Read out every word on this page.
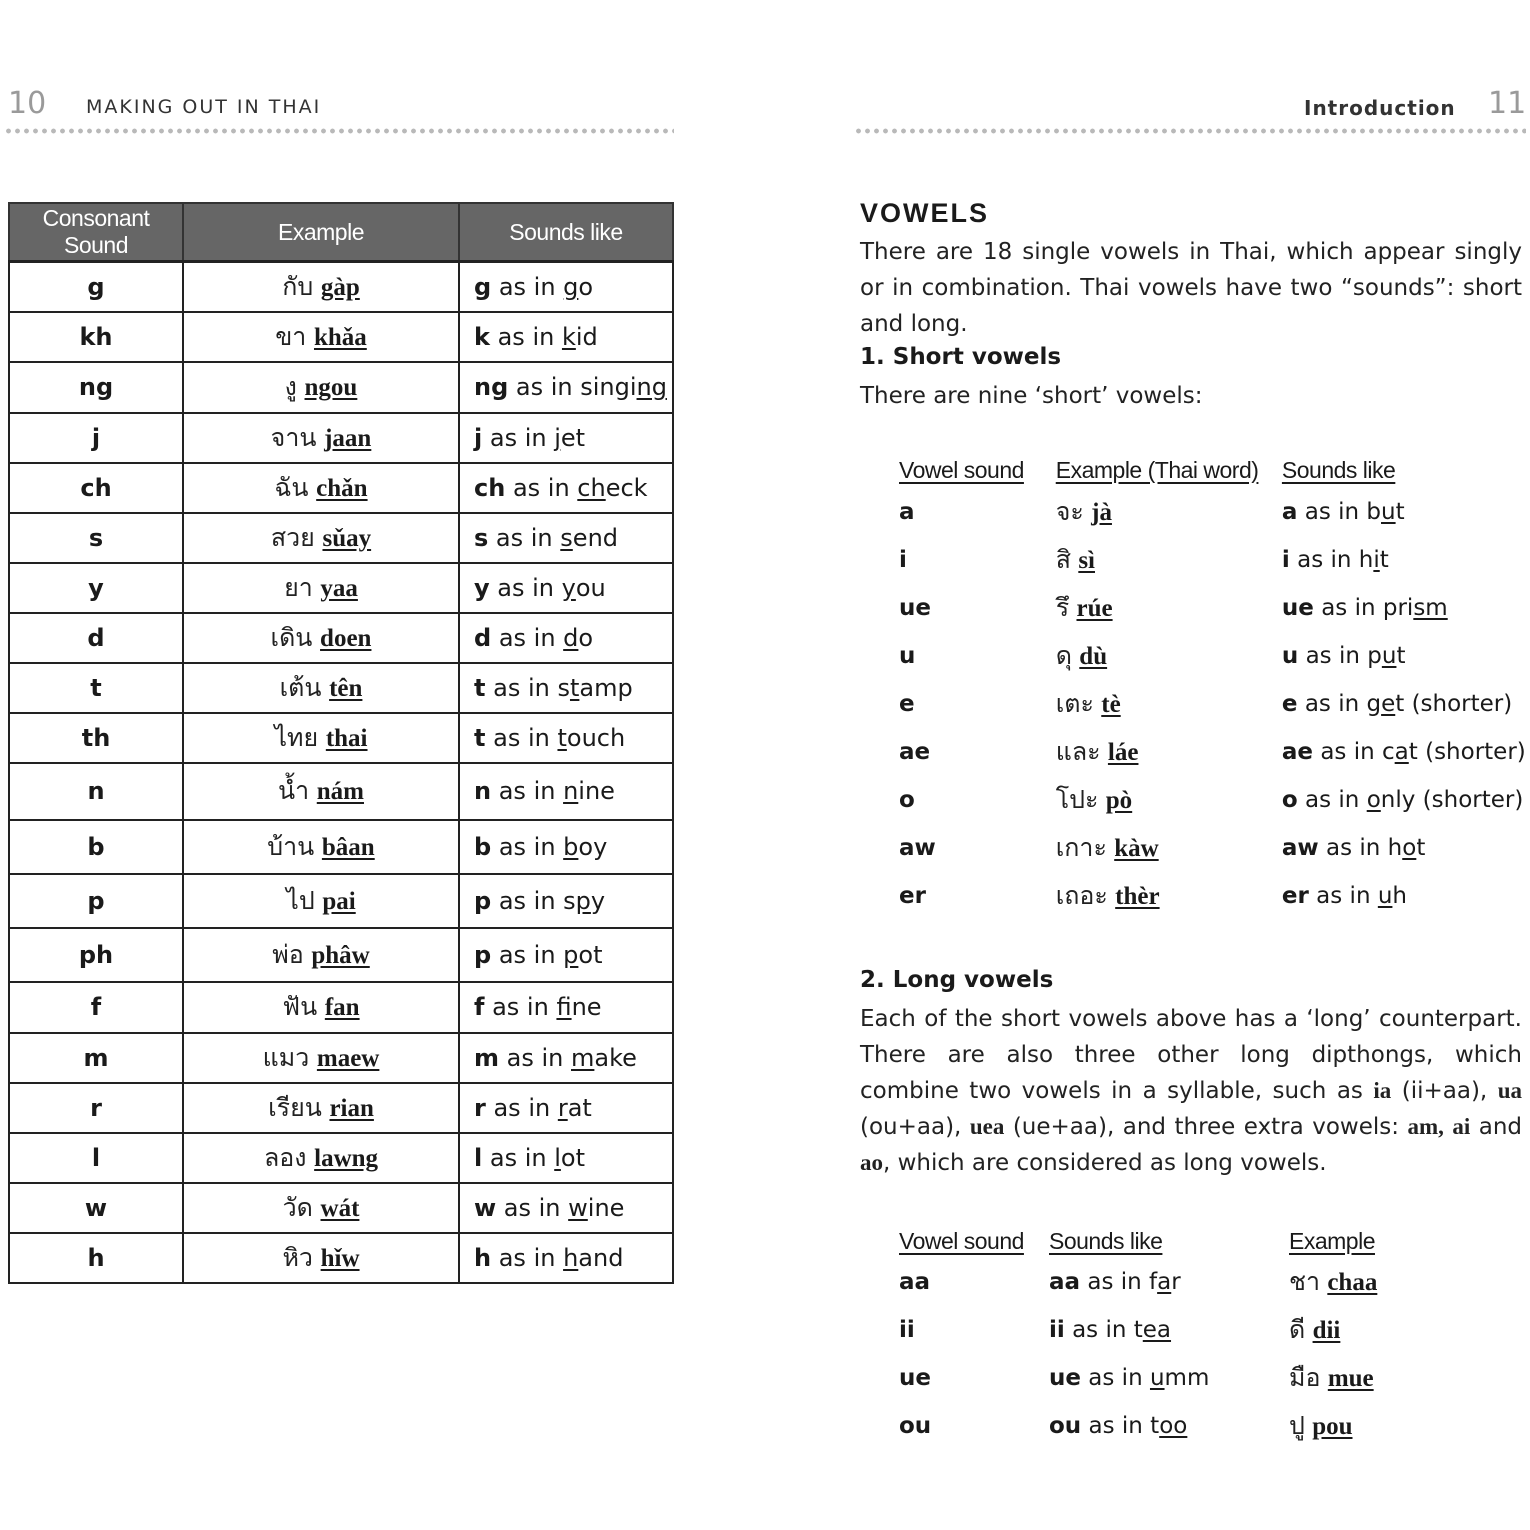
10 MAKING OUT IN THAI	Introduction 11
Consonant Sound	Example	Sounds like
g	กับ gàp	g as in go
kh	ขา khǎa	k as in kid
ng	งู ngou	ng as in singing
j	จาน jaan	j as in jet
ch	ฉัน chǎn	ch as in check
s	สวย sǔay	s as in send
y	ยา yaa	y as in you
d	เดิน doen	d as in do
t	เต้น tên	t as in stamp
th	ไทย thai	t as in touch
n	น้ำ nám	n as in nine
b	บ้าน bâan	b as in boy
p	ไป pai	p as in spy
ph	พ่อ phâw	p as in pot
f	ฟัน fan	f as in fine
m	แมว maew	m as in make
r	เรียน rian	r as in rat
l	ลอง lawng	l as in lot
w	วัด wát	w as in wine
h	หิว hǐw	h as in hand
VOWELS
There are 18 single vowels in Thai, which appear singly or in combination. Thai vowels have two “sounds”: short and long.
1. Short vowels
There are nine ‘short’ vowels:
Vowel sound	Example (Thai word)	Sounds like
a	จะ jà	a as in but
i	สิ sì	i as in hit
ue	รึ rúe	ue as in prism
u	ดุ dù	u as in put
e	เตะ tè	e as in get (shorter)
ae	และ láe	ae as in cat (shorter)
o	โปะ pò	o as in only (shorter)
aw	เกาะ kàw	aw as in hot
er	เถอะ thèr	er as in uh
2. Long vowels
Each of the short vowels above has a ‘long’ counterpart. There are also three other long dipthongs, which combine two vowels in a syllable, such as ia (ii+aa), ua (ou+aa), uea (ue+aa), and three extra vowels: am, ai and ao, which are considered as long vowels.
Vowel sound	Sounds like	Example
aa	aa as in far	ชา chaa
ii	ii as in tea	ดี dii
ue	ue as in umm	มือ mue
ou	ou as in too	ปู pou
